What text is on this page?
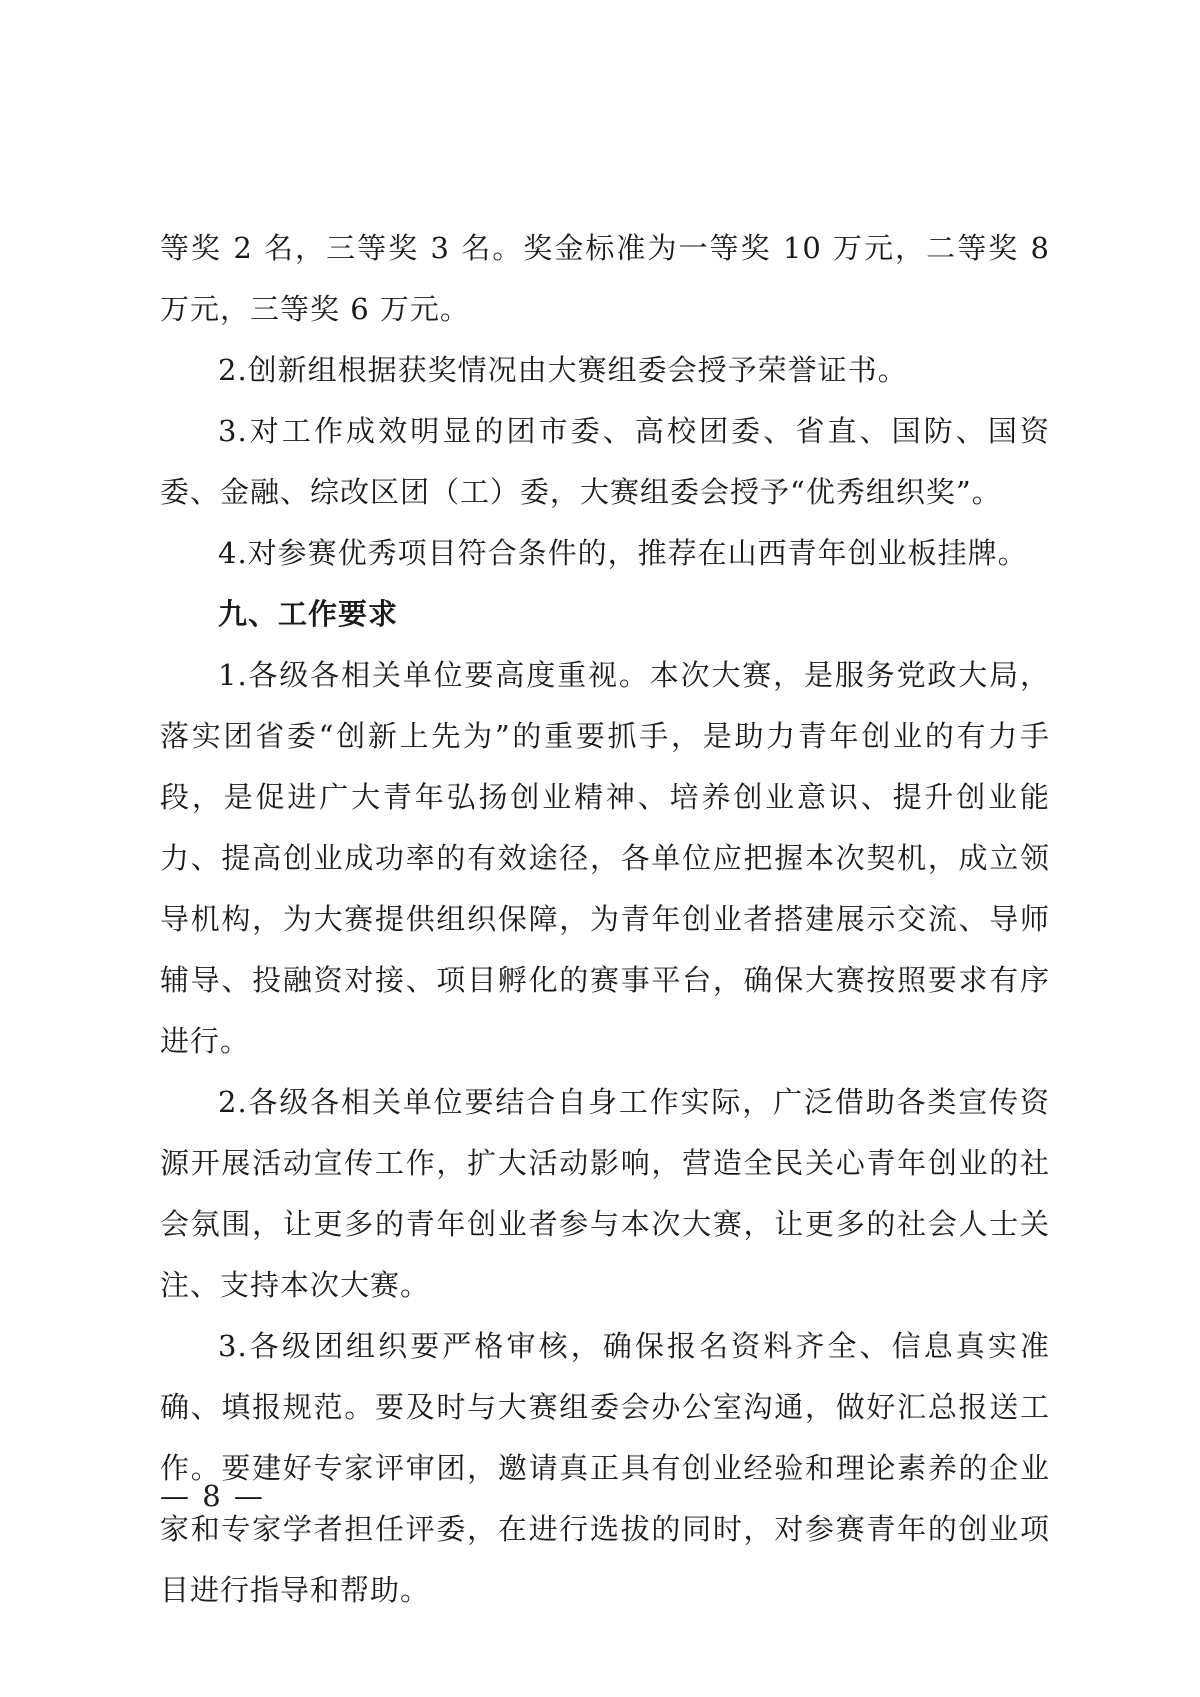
等奖 2 名，三等奖 3 名。奖金标准为一等奖 10 万元，二等奖 8 万元，三等奖 6 万元。

2.创新组根据获奖情况由大赛组委会授予荣誉证书。

3.对工作成效明显的团市委、高校团委、省直、国防、国资委、金融、综改区团（工）委，大赛组委会授予“优秀组织奖”。

4.对参赛优秀项目符合条件的，推荐在山西青年创业板挂牌。

九、工作要求

1.各级各相关单位要高度重视。本次大赛，是服务党政大局，落实团省委“创新上先为”的重要抓手，是助力青年创业的有力手段，是促进广大青年弘扬创业精神、培养创业意识、提升创业能力、提高创业成功率的有效途径，各单位应把握本次契机，成立领导机构，为大赛提供组织保障，为青年创业者搭建展示交流、导师辅导、投融资对接、项目孵化的赛事平台，确保大赛按照要求有序进行。

2.各级各相关单位要结合自身工作实际，广泛借助各类宣传资源开展活动宣传工作，扩大活动影响，营造全民关心青年创业的社会氛围，让更多的青年创业者参与本次大赛，让更多的社会人士关注、支持本次大赛。

3.各级团组织要严格审核，确保报名资料齐全、信息真实准确、填报规范。要及时与大赛组委会办公室沟通，做好汇总报送工作。要建好专家评审团，邀请真正具有创业经验和理论素养的企业家和专家学者担任评委，在进行选拔的同时，对参赛青年的创业项目进行指导和帮助。

— 8 —
